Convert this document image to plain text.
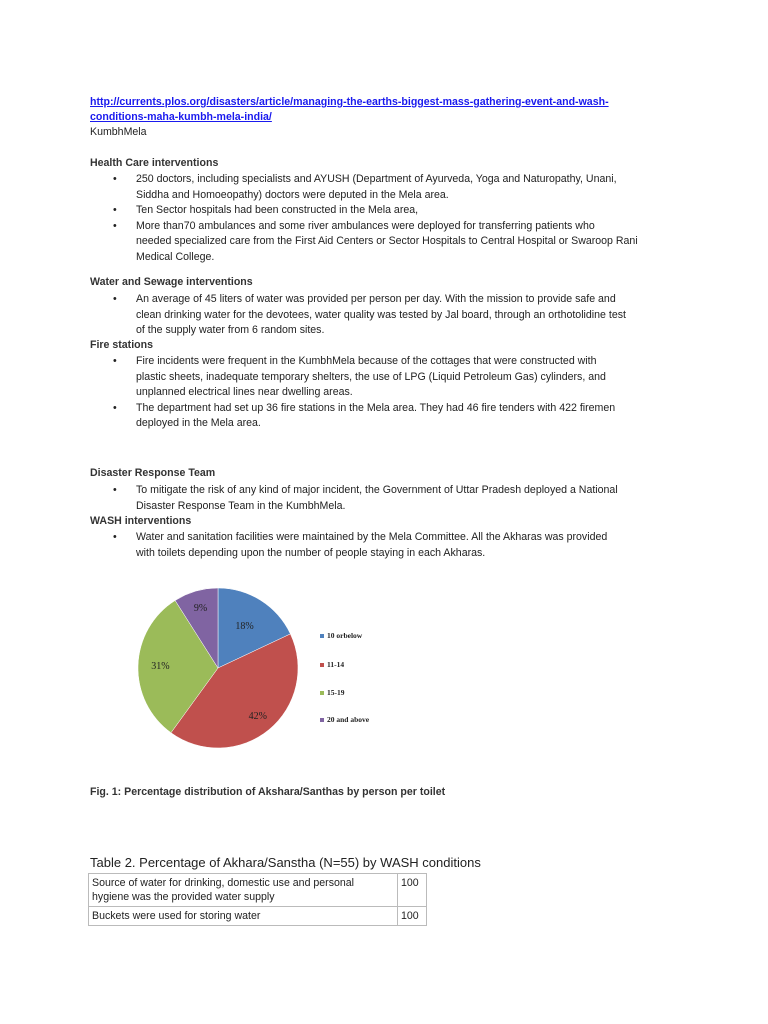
http://currents.plos.org/disasters/article/managing-the-earths-biggest-mass-gathering-event-and-wash-
conditions-maha-kumbh-mela-india/
KumbhMela
Health Care interventions
• 250 doctors, including specialists and AYUSH (Department of Ayurveda, Yoga and Naturopathy, Unani,
Siddha and Homoeopathy) doctors were deputed in the Mela area.
• Ten Sector hospitals had been constructed in the Mela area,
• More than70 ambulances and some river ambulances were deployed for transferring patients who
needed specialized care from the First Aid Centers or Sector Hospitals to Central Hospital or Swaroop Rani
Medical College.
Water and Sewage interventions
• An average of 45 liters of water was provided per person per day. With the mission to provide safe and
clean drinking water for the devotees, water quality was tested by Jal board, through an orthotolidine test
of the supply water from 6 random sites.
Fire stations
• Fire incidents were frequent in the KumbhMela because of the cottages that were constructed with
plastic sheets, inadequate temporary shelters, the use of LPG (Liquid Petroleum Gas) cylinders, and
unplanned electrical lines near dwelling areas.
• The department had set up 36 fire stations in the Mela area. They had 46 fire tenders with 422 firemen
deployed in the Mela area.
Disaster Response Team
• To mitigate the risk of any kind of major incident, the Government of Uttar Pradesh deployed a National
Disaster Response Team in the KumbhMela.
WASH interventions
• Water and sanitation facilities were maintained by the Mela Committee. All the Akharas was provided
with toilets depending upon the number of people staying in each Akharas.
18%
42%
31%
9%
10 orbelow
11-14
15-19
20 and above
Fig. 1: Percentage distribution of Akshara/Santhas by person per toilet
Table 2. Percentage of Akhara/Sanstha (N=55) by WASH conditions
Source of water for drinking, domestic use and personal
hygiene was the provided water supply	100

Buckets were used for storing water	100
